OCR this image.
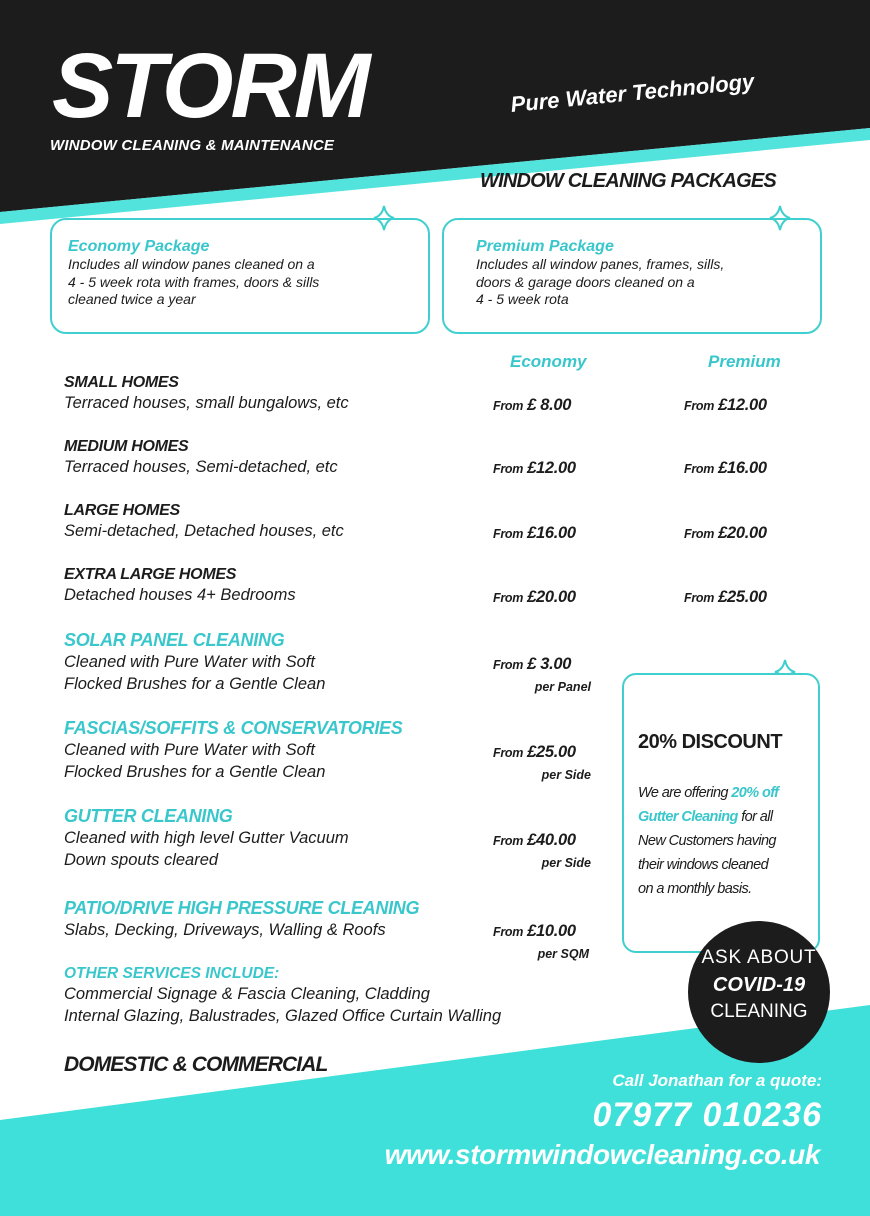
STORM
WINDOW CLEANING & MAINTENANCE
Pure Water Technology
WINDOW CLEANING PACKAGES
Economy Package
Includes all window panes cleaned on a
4 - 5 week rota with frames, doors & sills
cleaned twice a year
Premium Package
Includes all window panes, frames, sills,
doors & garage doors cleaned on a
4 - 5 week rota
Economy	Premium
SMALL HOMES
Terraced houses, small bungalows, etc	From £ 8.00	From £12.00
MEDIUM HOMES
Terraced houses, Semi-detached, etc	From £12.00	From £16.00
LARGE HOMES
Semi-detached, Detached houses, etc	From £16.00	From £20.00
EXTRA LARGE HOMES
Detached houses 4+ Bedrooms	From £20.00	From £25.00
SOLAR PANEL CLEANING
Cleaned with Pure Water with Soft
Flocked Brushes for a Gentle Clean
From £ 3.00
per Panel
FASCIAS/SOFFITS & CONSERVATORIES
Cleaned with Pure Water with Soft
Flocked Brushes for a Gentle Clean
From £25.00
per Side
GUTTER CLEANING
Cleaned with high level Gutter Vacuum
Down spouts cleared
From £40.00
per Side
PATIO/DRIVE HIGH PRESSURE CLEANING
Slabs, Decking, Driveways, Walling & Roofs	From £10.00
per SQM
OTHER SERVICES INCLUDE:
Commercial Signage & Fascia Cleaning, Cladding
Internal Glazing, Balustrades, Glazed Office Curtain Walling
DOMESTIC & COMMERCIAL
20% DISCOUNT
We are offering 20% off
Gutter Cleaning for all
New Customers having
their windows cleaned
on a monthly basis.
ASK ABOUT
COVID-19
CLEANING
Call Jonathan for a quote:
07977 010236
www.stormwindowcleaning.co.uk
